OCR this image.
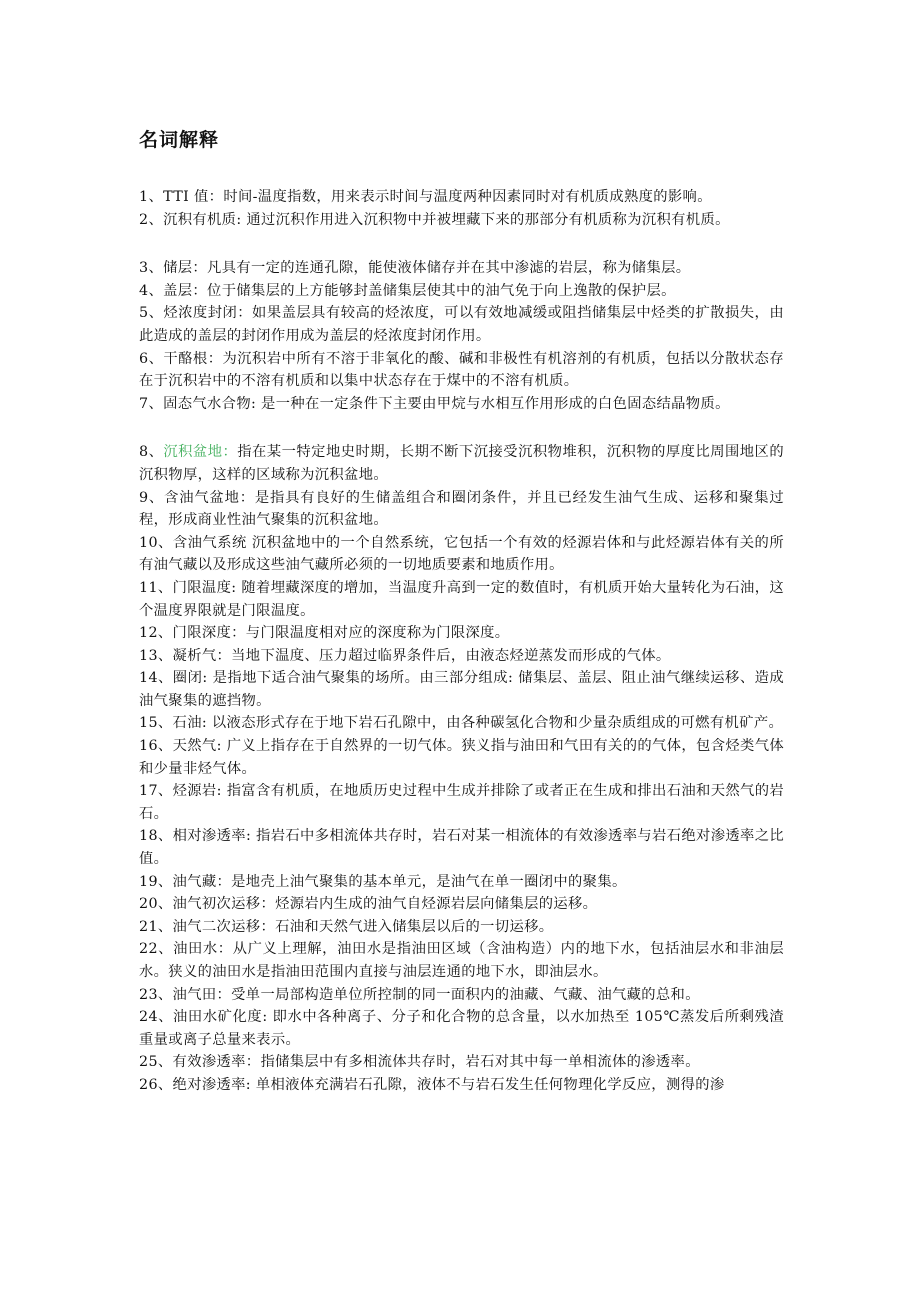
名词解释

1、TTI 值：时间-温度指数，用来表示时间与温度两种因素同时对有机质成熟度的影响。

2、沉积有机质: 通过沉积作用进入沉积物中并被埋藏下来的那部分有机质称为沉积有机质。

3、储层：凡具有一定的连通孔隙，能使液体储存并在其中渗滤的岩层，称为储集层。

4、盖层：位于储集层的上方能够封盖储集层使其中的油气免于向上逸散的保护层。

5、烃浓度封闭：如果盖层具有较高的烃浓度，可以有效地减缓或阻挡储集层中烃类的扩散损失，由此造成的盖层的封闭作用成为盖层的烃浓度封闭作用。

6、干酪根：为沉积岩中所有不溶于非氧化的酸、碱和非极性有机溶剂的有机质，包括以分散状态存在于沉积岩中的不溶有机质和以集中状态存在于煤中的不溶有机质。

7、固态气水合物: 是一种在一定条件下主要由甲烷与水相互作用形成的白色固态结晶物质。

8、沉积盆地：指在某一特定地史时期，长期不断下沉接受沉积物堆积，沉积物的厚度比周围地区的沉积物厚，这样的区域称为沉积盆地。

9、含油气盆地：是指具有良好的生储盖组合和圈闭条件，并且已经发生油气生成、运移和聚集过程，形成商业性油气聚集的沉积盆地。

10、含油气系统 沉积盆地中的一个自然系统，它包括一个有效的烃源岩体和与此烃源岩体有关的所有油气藏以及形成这些油气藏所必须的一切地质要素和地质作用。

11、门限温度: 随着埋藏深度的增加，当温度升高到一定的数值时，有机质开始大量转化为石油，这个温度界限就是门限温度。

12、门限深度：与门限温度相对应的深度称为门限深度。

13、凝析气：当地下温度、压力超过临界条件后，由液态烃逆蒸发而形成的气体。

14、圈闭: 是指地下适合油气聚集的场所。由三部分组成: 储集层、盖层、阻止油气继续运移、造成油气聚集的遮挡物。

15、石油: 以液态形式存在于地下岩石孔隙中，由各种碳氢化合物和少量杂质组成的可燃有机矿产。

16、天然气: 广义上指存在于自然界的一切气体。狭义指与油田和气田有关的的气体，包含烃类气体和少量非烃气体。

17、烃源岩: 指富含有机质，在地质历史过程中生成并排除了或者正在生成和排出石油和天然气的岩石。

18、相对渗透率: 指岩石中多相流体共存时，岩石对某一相流体的有效渗透率与岩石绝对渗透率之比值。

19、油气藏：是地壳上油气聚集的基本单元，是油气在单一圈闭中的聚集。

20、油气初次运移：烃源岩内生成的油气自烃源岩层向储集层的运移。

21、油气二次运移：石油和天然气进入储集层以后的一切运移。

22、油田水：从广义上理解，油田水是指油田区域（含油构造）内的地下水，包括油层水和非油层水。狭义的油田水是指油田范围内直接与油层连通的地下水，即油层水。

23、油气田：受单一局部构造单位所控制的同一面积内的油藏、气藏、油气藏的总和。

24、油田水矿化度: 即水中各种离子、分子和化合物的总含量，以水加热至 105℃蒸发后所剩残渣重量或离子总量来表示。

25、有效渗透率：指储集层中有多相流体共存时，岩石对其中每一单相流体的渗透率。

26、绝对渗透率: 单相液体充满岩石孔隙，液体不与岩石发生任何物理化学反应，测得的渗
